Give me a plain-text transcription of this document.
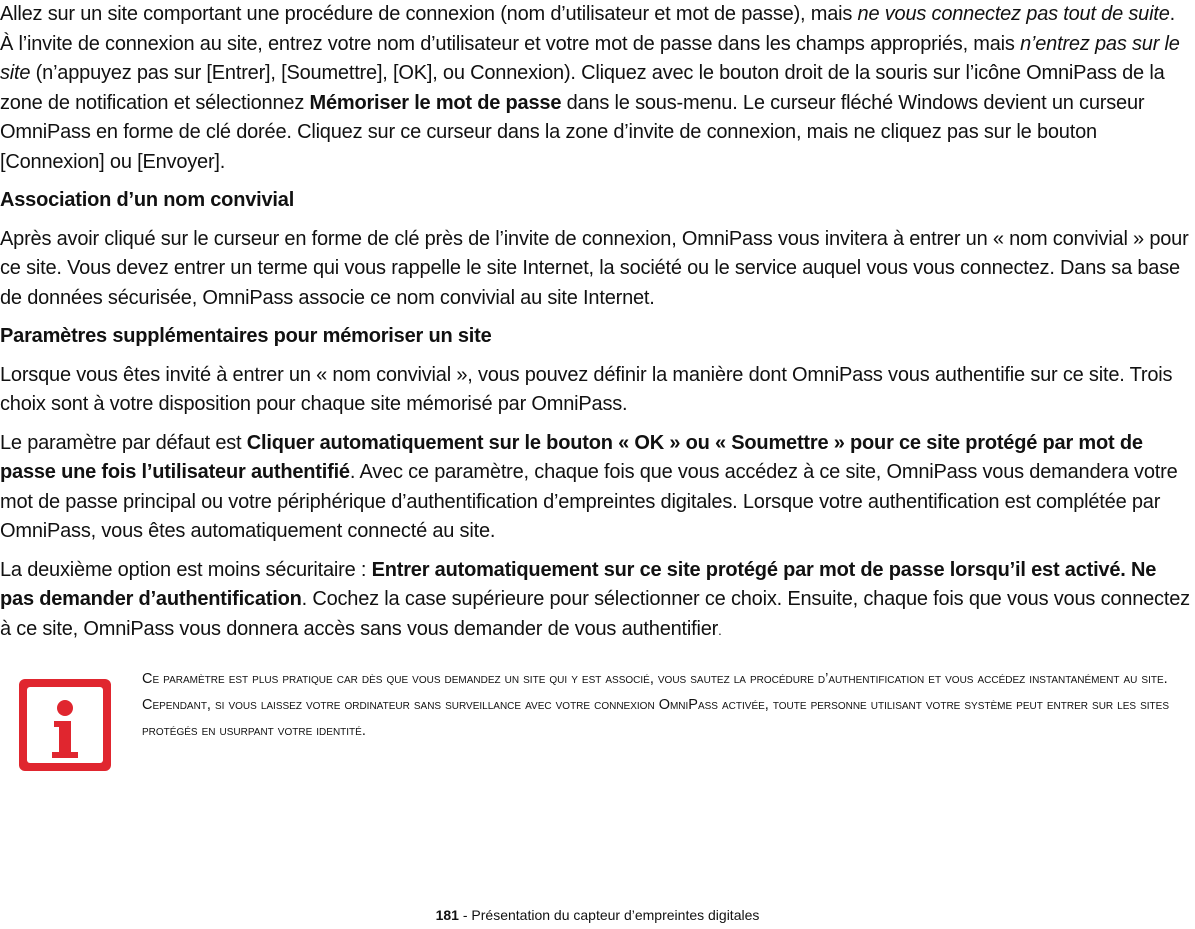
Allez sur un site comportant une procédure de connexion (nom d’utilisateur et mot de passe), mais ne vous connectez pas tout de suite. À l’invite de connexion au site, entrez votre nom d’utilisateur et votre mot de passe dans les champs appropriés, mais n’entrez pas sur le site (n’appuyez pas sur [Entrer], [Soumettre], [OK], ou Connexion). Cliquez avec le bouton droit de la souris sur l’icône OmniPass de la zone de notification et sélectionnez Mémoriser le mot de passe dans le sous-menu. Le curseur fléché Windows devient un curseur OmniPass en forme de clé dorée. Cliquez sur ce curseur dans la zone d’invite de connexion, mais ne cliquez pas sur le bouton [Connexion] ou [Envoyer].

Association d’un nom convivial

Après avoir cliqué sur le curseur en forme de clé près de l’invite de connexion, OmniPass vous invitera à entrer un « nom convivial » pour ce site. Vous devez entrer un terme qui vous rappelle le site Internet, la société ou le service auquel vous vous connectez. Dans sa base de données sécurisée, OmniPass associe ce nom convivial au site Internet.

Paramètres supplémentaires pour mémoriser un site

Lorsque vous êtes invité à entrer un « nom convivial », vous pouvez définir la manière dont OmniPass vous authentifie sur ce site. Trois choix sont à votre disposition pour chaque site mémorisé par OmniPass.

Le paramètre par défaut est Cliquer automatiquement sur le bouton « OK » ou « Soumettre » pour ce site protégé par mot de passe une fois l’utilisateur authentifié. Avec ce paramètre, chaque fois que vous accédez à ce site, OmniPass vous demandera votre mot de passe principal ou votre périphérique d’authentification d’empreintes digitales. Lorsque votre authentification est complétée par OmniPass, vous êtes automatiquement connecté au site.

La deuxième option est moins sécuritaire : Entrer automatiquement sur ce site protégé par mot de passe lorsqu’il est activé. Ne pas demander d’authentification. Cochez la case supérieure pour sélectionner ce choix. Ensuite, chaque fois que vous vous connectez à ce site, OmniPass vous donnera accès sans vous demander de vous authentifier.

Ce paramètre est plus pratique car dès que vous demandez un site qui y est associé, vous sautez la procédure d’authentification et vous accédez instantanément au site. Cependant, si vous laissez votre ordinateur sans surveillance avec votre connexion OmniPass activée, toute personne utilisant votre système peut entrer sur les sites protégés en usurpant votre identité.
181 - Présentation du capteur d’empreintes digitales
